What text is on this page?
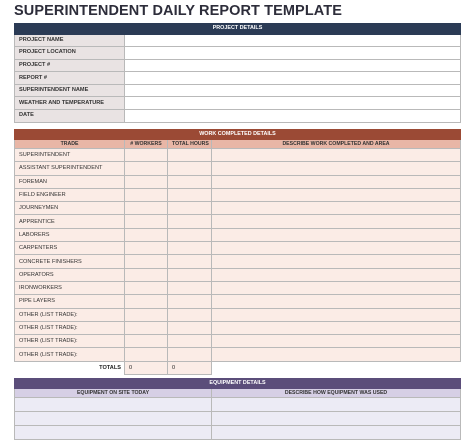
SUPERINTENDENT DAILY REPORT TEMPLATE
PROJECT DETAILS	
PROJECT NAME	
PROJECT LOCATION	
PROJECT #	
REPORT #	
SUPERINTENDENT NAME	
WEATHER AND TEMPERATURE	
DATE	
WORK COMPLETED DETAILS			
TRADE	# WORKERS	TOTAL HOURS	DESCRIBE WORK COMPLETED AND AREA
SUPERINTENDENT			
ASSISTANT SUPERINTENDENT			
FOREMAN			
FIELD ENGINEER			
JOURNEYMEN			
APPRENTICE			
LABORERS			
CARPENTERS			
CONCRETE FINISHERS			
OPERATORS			
IRONWORKERS			
PIPE LAYERS			
OTHER (LIST TRADE):			
OTHER (LIST TRADE):			
OTHER (LIST TRADE):			
OTHER (LIST TRADE):			
TOTALS	0	0	
EQUIPMENT DETAILS	
EQUIPMENT ON SITE TODAY	DESCRIBE HOW EQUIPMENT WAS USED
